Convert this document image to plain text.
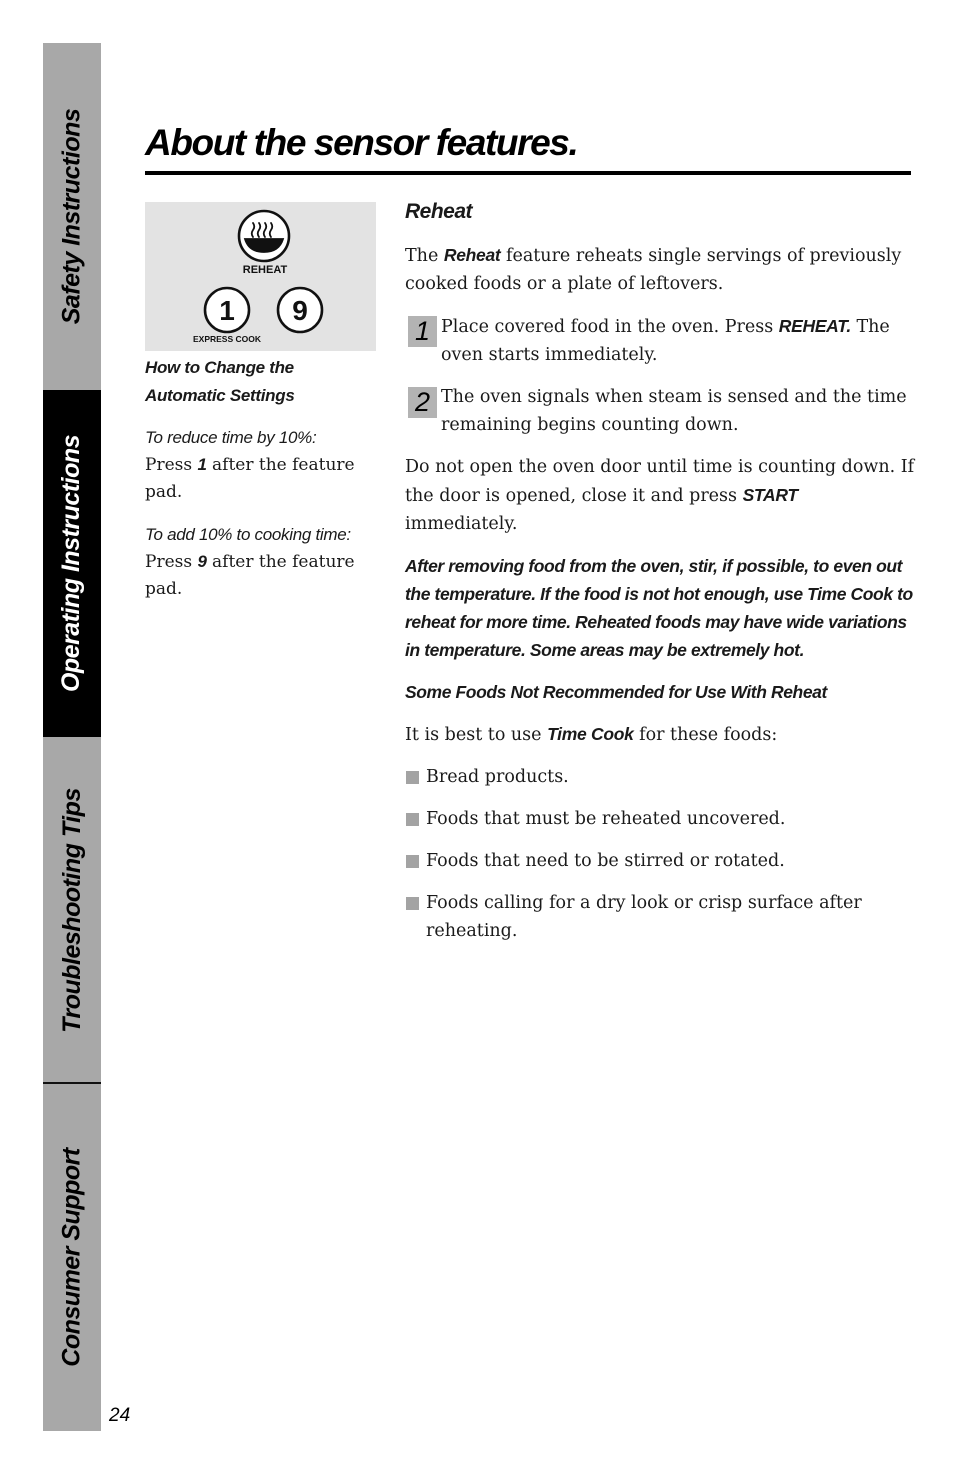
Safety Instructions
Operating Instructions
Troubleshooting Tips
Consumer Support
About the sensor features.
REHEAT
1
EXPRESS COOK
9

How to Change the Automatic Settings

To reduce time by 10%:

Press 1 after the feature pad.

To add 10% to cooking time:

Press 9 after the feature pad.

Reheat

The Reheat feature reheats single servings of previously cooked foods or a plate of leftovers.

1 Place covered food in the oven. Press REHEAT. The oven starts immediately.

2 The oven signals when steam is sensed and the time remaining begins counting down.

Do not open the oven door until time is counting down. If the door is opened, close it and press START immediately.

After removing food from the oven, stir, if possible, to even out the temperature. If the food is not hot enough, use Time Cook to reheat for more time. Reheated foods may have wide variations in temperature. Some areas may be extremely hot.

Some Foods Not Recommended for Use With Reheat

It is best to use Time Cook for these foods:

Bread products.

Foods that must be reheated uncovered.

Foods that need to be stirred or rotated.

Foods calling for a dry look or crisp surface after reheating.

24
